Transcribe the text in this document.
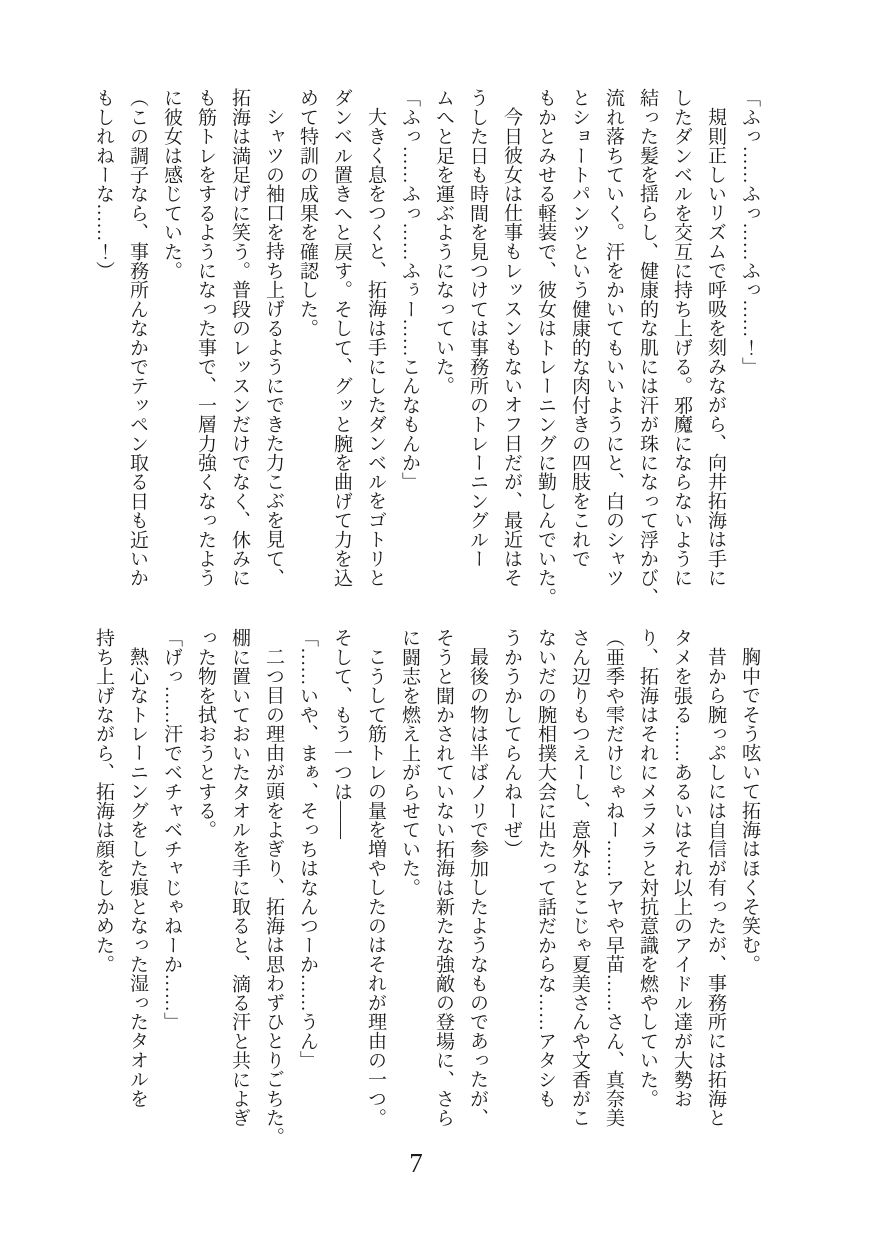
「ふっ……ふっ……ふっ……！」

規則正しいリズムで呼吸を刻みながら、向井拓海は手に

したダンベルを交互に持ち上げる。邪魔にならないように

結った髪を揺らし、健康的な肌には汗が珠になって浮かび、

流れ落ちていく。汗をかいてもいいようにと、白のシャツ

とショートパンツという健康的な肉付きの四肢をこれで

もかとみせる軽装で、彼女はトレーニングに勤しんでいた。

今日彼女は仕事もレッスンもないオフ日だが、最近はそ

うした日も時間を見つけては事務所のトレーニングルー

ムへと足を運ぶようになっていた。

「ふっ……ふっ……ふぅー……こんなもんか」

大きく息をつくと、拓海は手にしたダンベルをゴトリと

ダンベル置きへと戻す。そして、グッと腕を曲げて力を込

めて特訓の成果を確認した。

シャツの袖口を持ち上げるようにできた力こぶを見て、

拓海は満足げに笑う。普段のレッスンだけでなく、休みに

も筋トレをするようになった事で、一層力強くなったよう

に彼女は感じていた。

（この調子なら、事務所んなかでテッペン取る日も近いか

もしれねーな……！）

胸中でそう呟いて拓海はほくそ笑む。

昔から腕っぷしには自信が有ったが、事務所には拓海と

タメを張る……あるいはそれ以上のアイドル達が大勢お

り、拓海はそれにメラメラと対抗意識を燃やしていた。

（亜季や雫だけじゃねー……アヤや早苗……さん、真奈美

さん辺りもつえーし、意外なとこじゃ夏美さんや文香がこ

ないだの腕相撲大会に出たって話だからな……アタシも

うかうかしてらんねーぜ）

最後の物は半ばノリで参加したようなものであったが、

そうと聞かされていない拓海は新たな強敵の登場に、さら

に闘志を燃え上がらせていた。

こうして筋トレの量を増やしたのはそれが理由の一つ。

そして、もう一つは――

「……いや、まぁ、そっちはなんつーか……うん」

二つ目の理由が頭をよぎり、拓海は思わずひとりごちた。

棚に置いておいたタオルを手に取ると、滴る汗と共によぎ

った物を拭おうとする。

「げっ……汗でベチャベチャじゃねーか……」

熱心なトレーニングをした痕となった湿ったタオルを

持ち上げながら、拓海は顔をしかめた。

7
